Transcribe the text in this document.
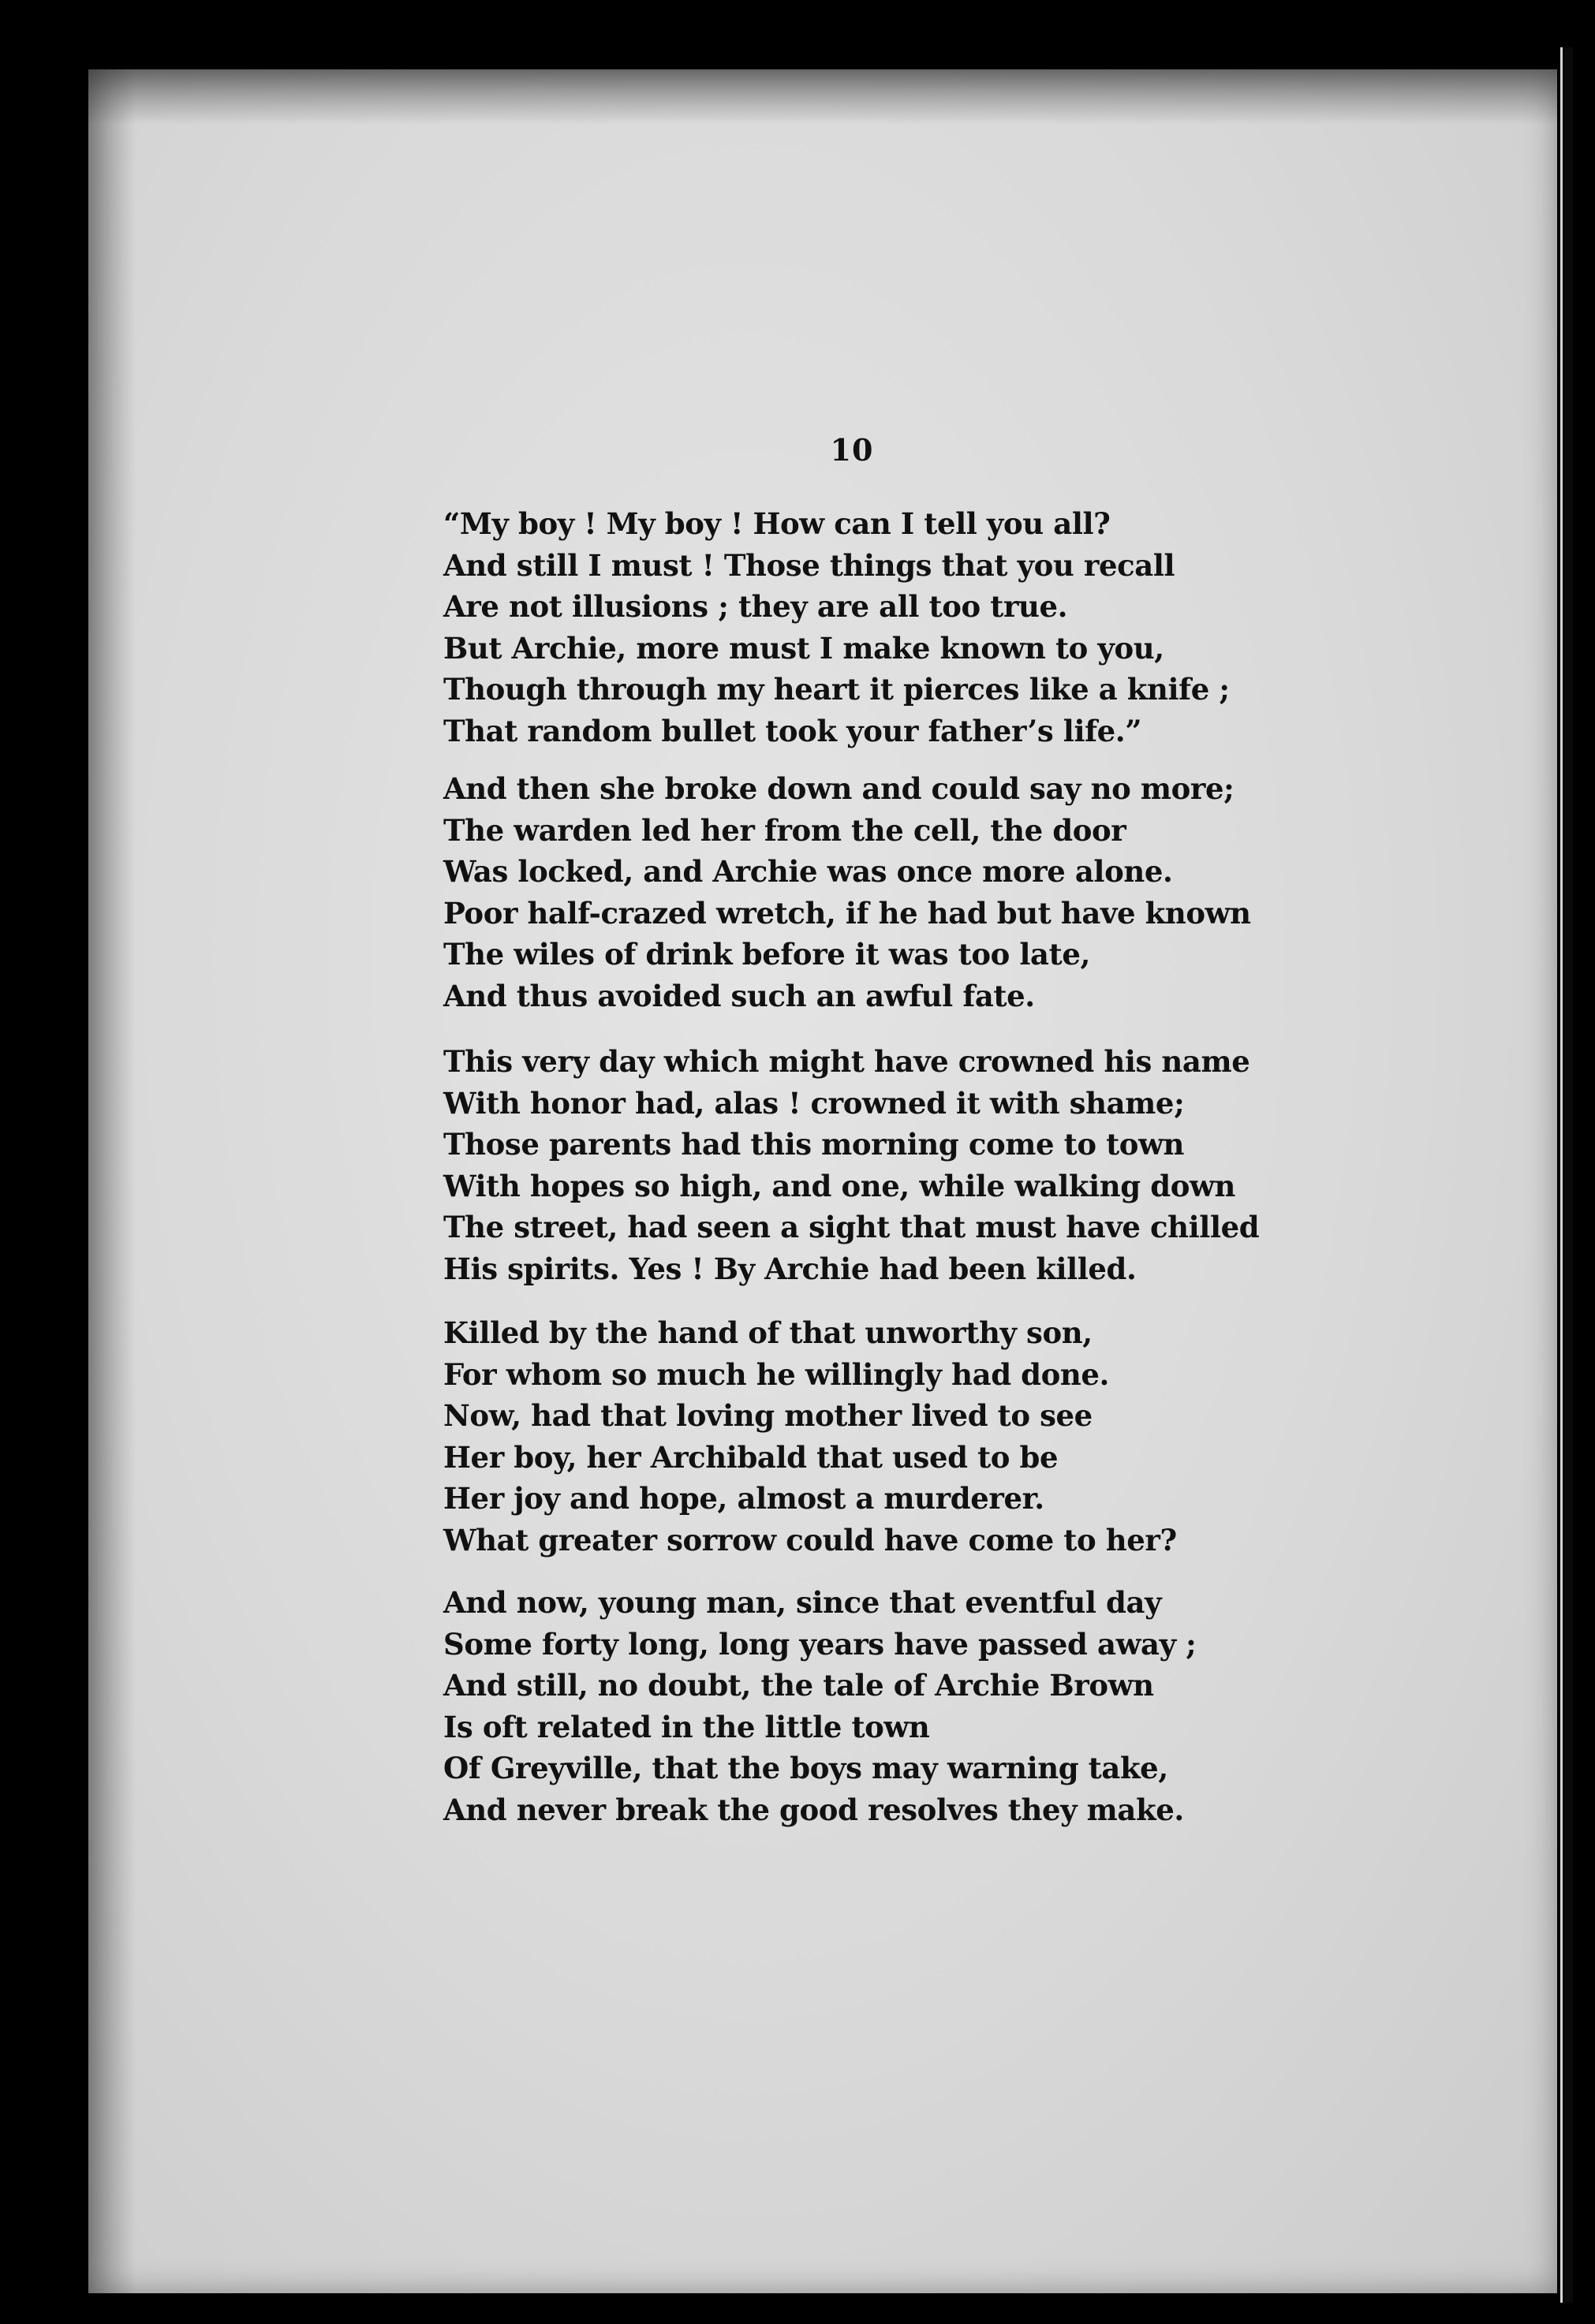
10
“My boy ! My boy ! How can I tell you all?
And still I must ! Those things that you recall
Are not illusions ; they are all too true.
But Archie, more must I make known to you,
Though through my heart it pierces like a knife ;
That random bullet took your father’s life.”
And then she broke down and could say no more;
The warden led her from the cell, the door
Was locked, and Archie was once more alone.
Poor half-crazed wretch, if he had but have known
The wiles of drink before it was too late,
And thus avoided such an awful fate.
This very day which might have crowned his name
With honor had, alas ! crowned it with shame;
Those parents had this morning come to town
With hopes so high, and one, while walking down
The street, had seen a sight that must have chilled
His spirits. Yes ! By Archie had been killed.
Killed by the hand of that unworthy son,
For whom so much he willingly had done.
Now, had that loving mother lived to see
Her boy, her Archibald that used to be
Her joy and hope, almost a murderer.
What greater sorrow could have come to her?
And now, young man, since that eventful day
Some forty long, long years have passed away ;
And still, no doubt, the tale of Archie Brown
Is oft related in the little town
Of Greyville, that the boys may warning take,
And never break the good resolves they make.
